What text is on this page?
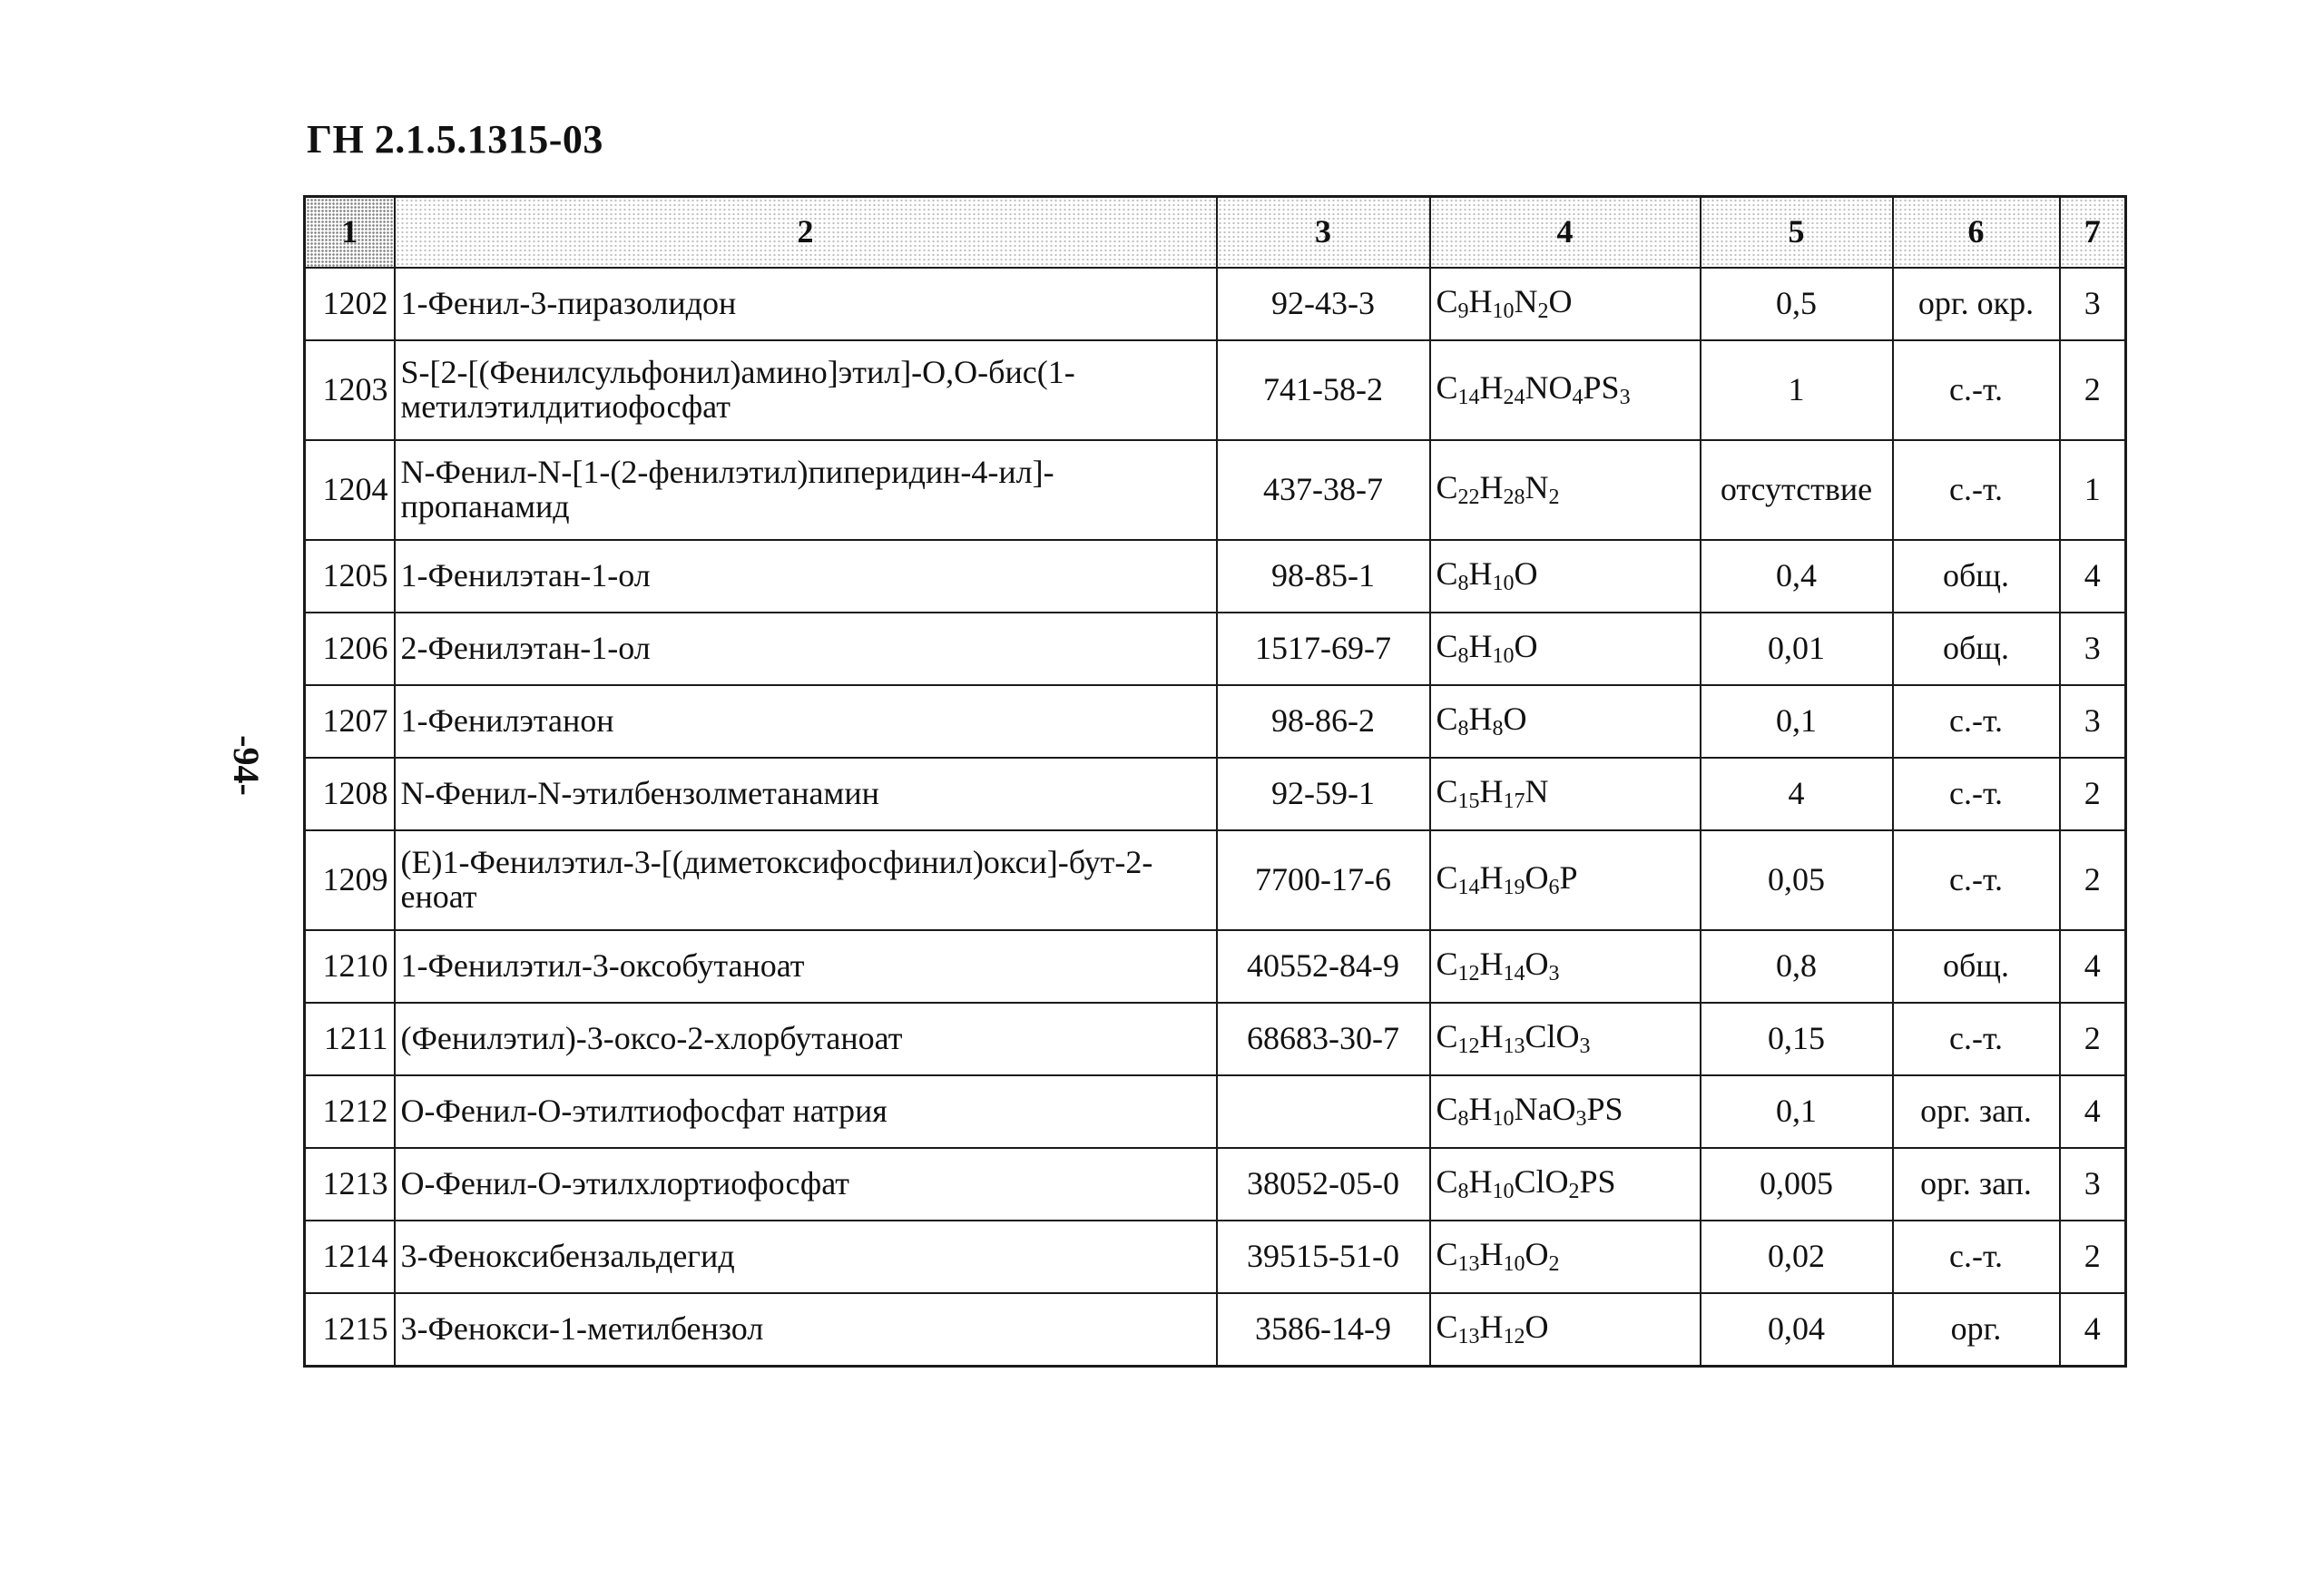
ГН 2.1.5.1315-03
-94-
1	2	3	4	5	6	7
1202	1-Фенил-3-пиразолидон	92-43-3	$C_9H_{10}N_2O$	0,5	орг. окр.	3
1203	S-[2-[(Фенилсульфонил)амино]этил]-О,О-бис(1-метилэтилдитиофосфат	741-58-2	$C_{14}H_{24}NO_4PS_3$	1	с.-т.	2
1204	N-Фенил-N-[1-(2-фенилэтил)пиперидин-4-ил]-пропанамид	437-38-7	$C_{22}H_{28}N_2$	отсутствие	с.-т.	1
1205	1-Фенилэтан-1-ол	98-85-1	$C_8H_{10}O$	0,4	общ.	4
1206	2-Фенилэтан-1-ол	1517-69-7	$C_8H_{10}O$	0,01	общ.	3
1207	1-Фенилэтанон	98-86-2	$C_8H_8O$	0,1	с.-т.	3
1208	N-Фенил-N-этилбензолметанамин	92-59-1	$C_{15}H_{17}N$	4	с.-т.	2
1209	(Е)1-Фенилэтил-3-[(диметоксифосфинил)окси]-бут-2-еноат	7700-17-6	$C_{14}H_{19}O_6P$	0,05	с.-т.	2
1210	1-Фенилэтил-3-оксобутаноат	40552-84-9	$C_{12}H_{14}O_3$	0,8	общ.	4
1211	(Фенилэтил)-3-оксо-2-хлорбутаноат	68683-30-7	$C_{12}H_{13}ClO_3$	0,15	с.-т.	2
1212	О-Фенил-О-этилтиофосфат натрия		$C_8H_{10}NaO_3PS$	0,1	орг. зап.	4
1213	О-Фенил-О-этилхлортиофосфат	38052-05-0	$C_8H_{10}ClO_2PS$	0,005	орг. зап.	3
1214	3-Феноксибензальдегид	39515-51-0	$C_{13}H_{10}O_2$	0,02	с.-т.	2
1215	3-Фенокси-1-метилбензол	3586-14-9	$C_{13}H_{12}O$	0,04	орг.	4
